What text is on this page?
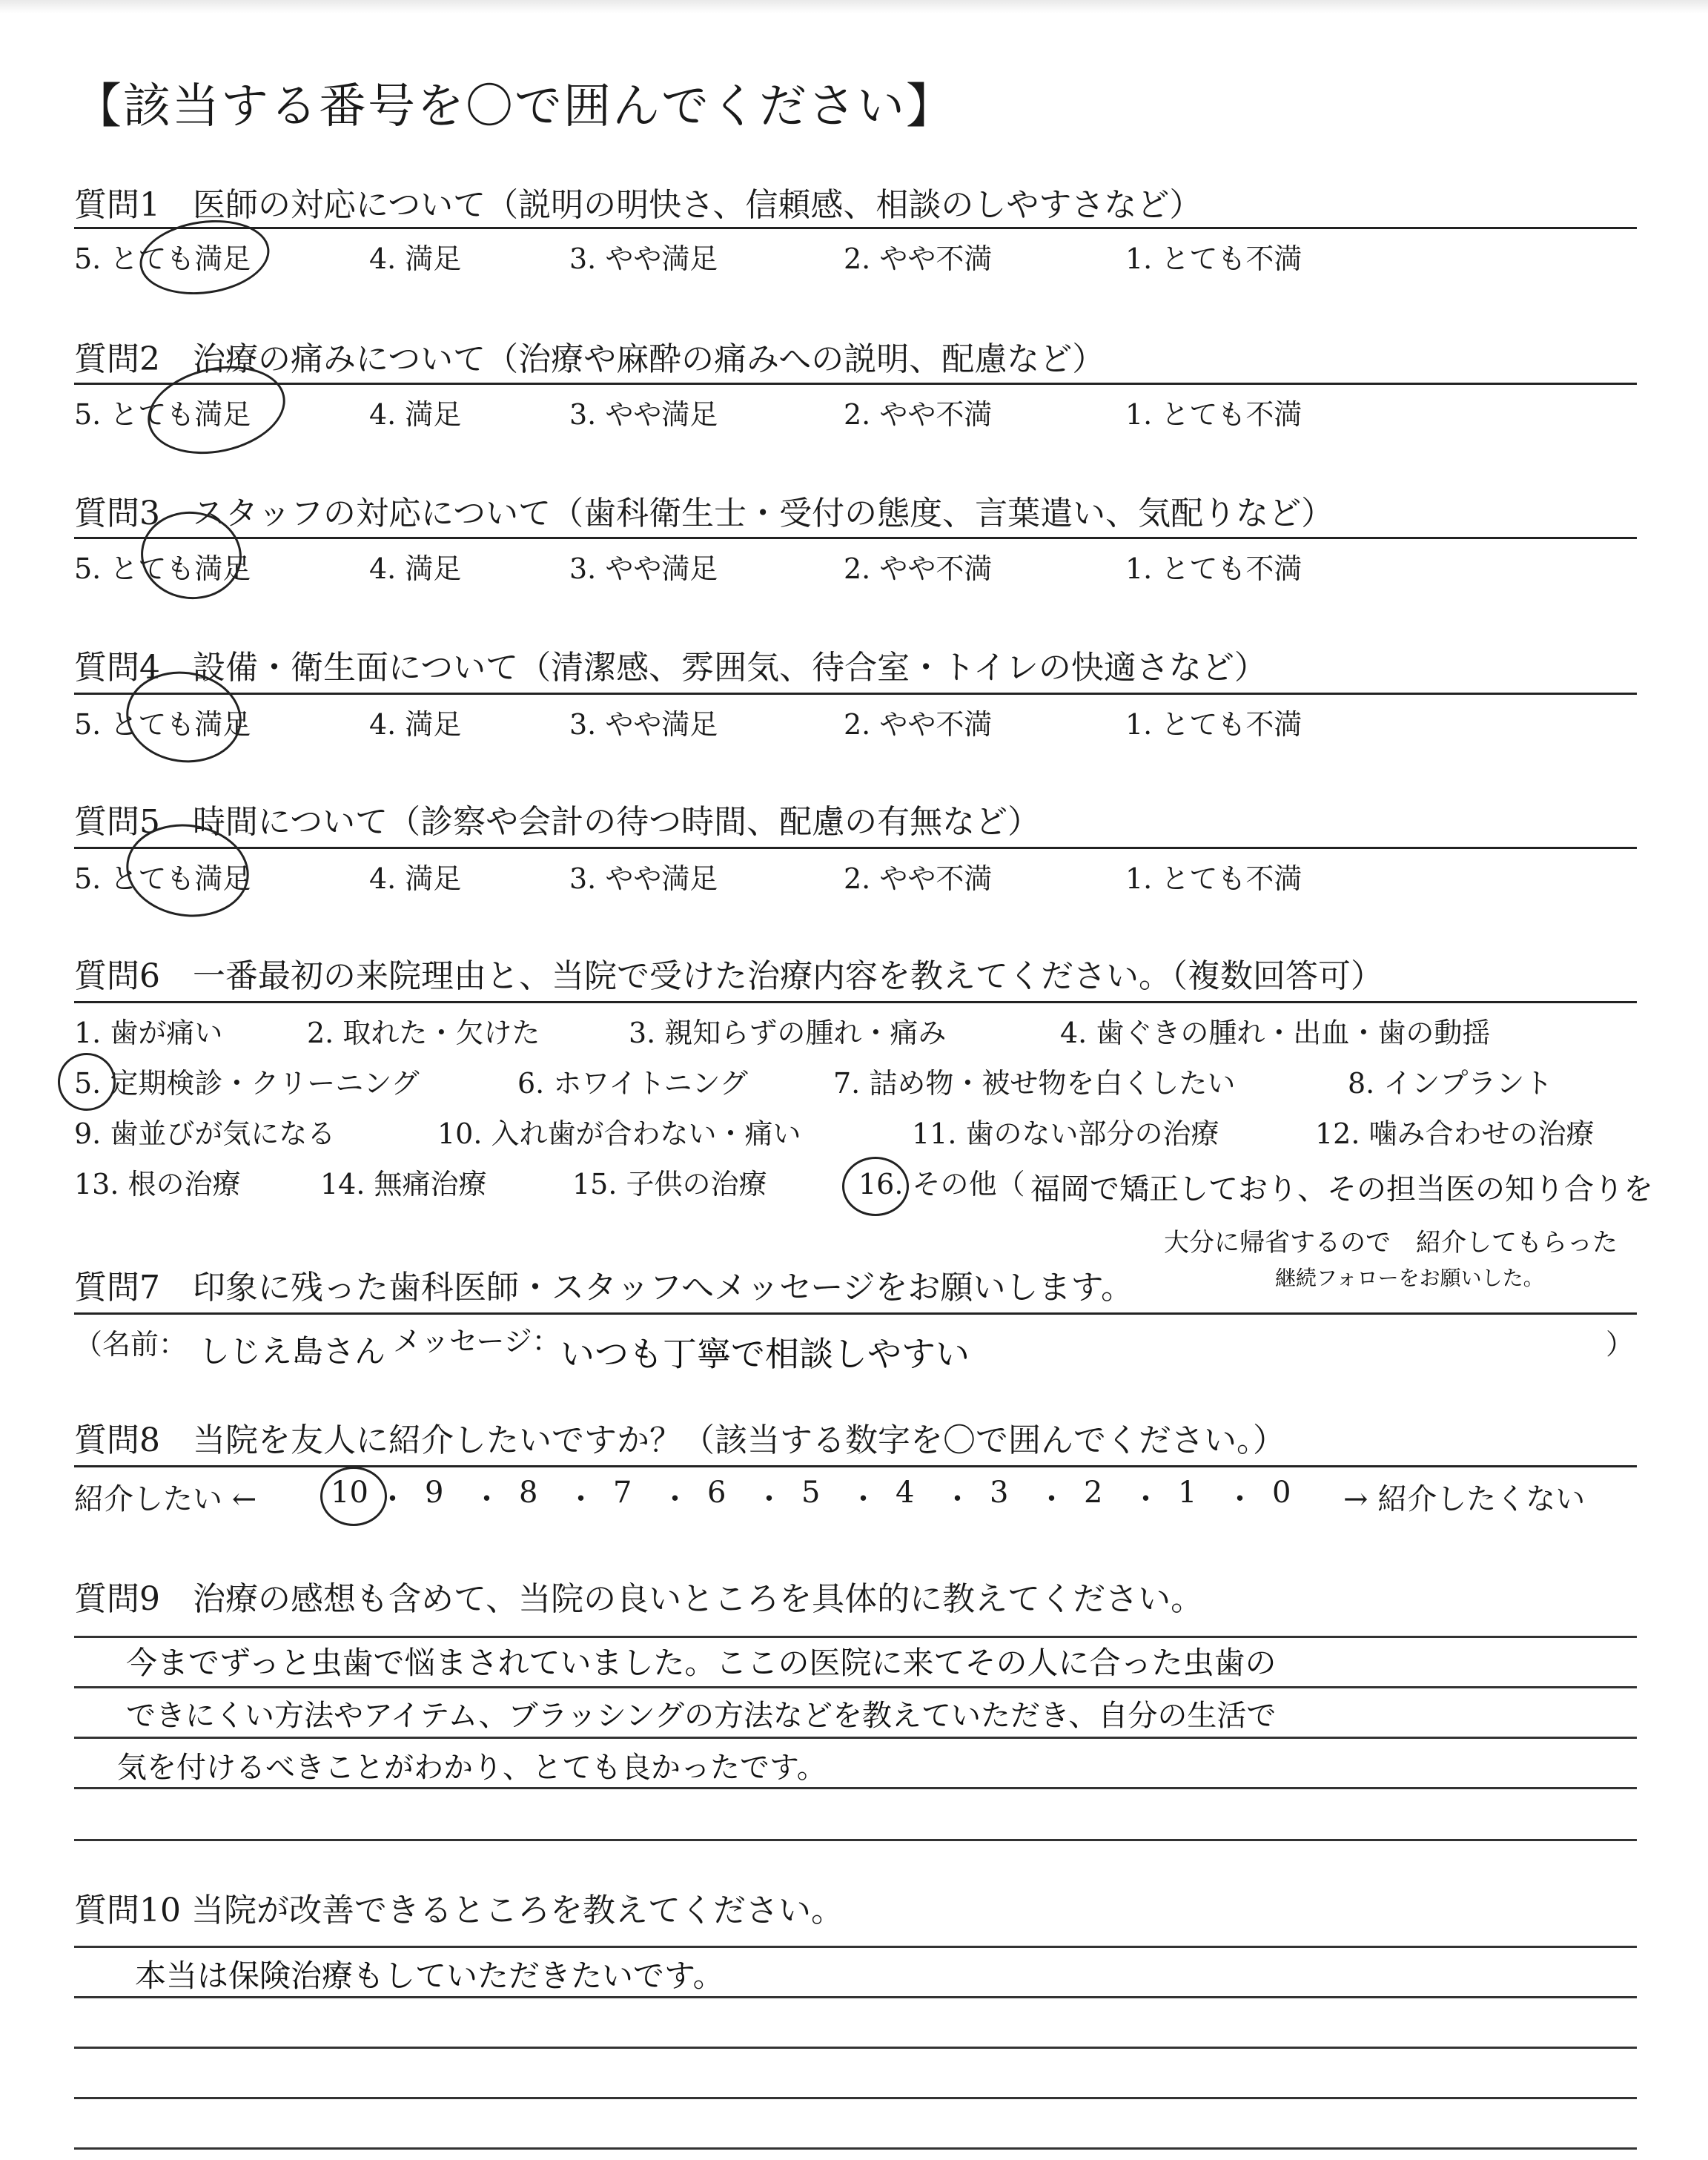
【該当する番号を〇で囲んでください】
質問1　医師の対応について（説明の明快さ、信頼感、相談のしやすさなど）
5. とても満足	4. 満足	3. やや満足	2. やや不満	1. とても不満
質問2　治療の痛みについて（治療や麻酔の痛みへの説明、配慮など）
5. とても満足	4. 満足	3. やや満足	2. やや不満	1. とても不満
質問3　スタッフの対応について（歯科衛生士・受付の態度、言葉遣い、気配りなど）
5. とても満足	4. 満足	3. やや満足	2. やや不満	1. とても不満
質問4　設備・衛生面について（清潔感、雰囲気、待合室・トイレの快適さなど）
5. とても満足	4. 満足	3. やや満足	2. やや不満	1. とても不満
質問5　時間について（診察や会計の待つ時間、配慮の有無など）
5. とても満足	4. 満足	3. やや満足	2. やや不満	1. とても不満
質問6　一番最初の来院理由と、当院で受けた治療内容を教えてください。（複数回答可）
1. 歯が痛い	2. 取れた・欠けた	3. 親知らずの腫れ・痛み	4. 歯ぐきの腫れ・出血・歯の動揺
5. 定期検診・クリーニング	6. ホワイトニング	7. 詰め物・被せ物を白くしたい	8. インプラント
9. 歯並びが気になる	10. 入れ歯が合わない・痛い	11. 歯のない部分の治療	12. 噛み合わせの治療
13. 根の治療	14. 無痛治療	15. 子供の治療	16. その他（ 福岡で矯正しており、その担当医の知り合りを
大分に帰省するので　紹介してもらった
継続フォローをお願いした。
質問7　印象に残った歯科医師・スタッフへメッセージをお願いします。
（名前：	）
しじえ島さん メッセージ： いつも丁寧で相談しやすい
質問8　当院を友人に紹介したいですか？（該当する数字を〇で囲んでください。）
紹介したい ← 10 ・ 9 ・ 8 ・ 7 ・ 6 ・ 5 ・ 4 ・ 3 ・ 2 ・ 1 ・ 0 → 紹介したくない
質問9　治療の感想も含めて、当院の良いところを具体的に教えてください。
今までずっと虫歯で悩まされていました。ここの医院に来てその人に合った虫歯の
できにくい方法やアイテム、ブラッシングの方法などを教えていただき、自分の生活で
気を付けるべきことがわかり、とても良かったです。
質問10 当院が改善できるところを教えてください。
本当は保険治療もしていただきたいです。
